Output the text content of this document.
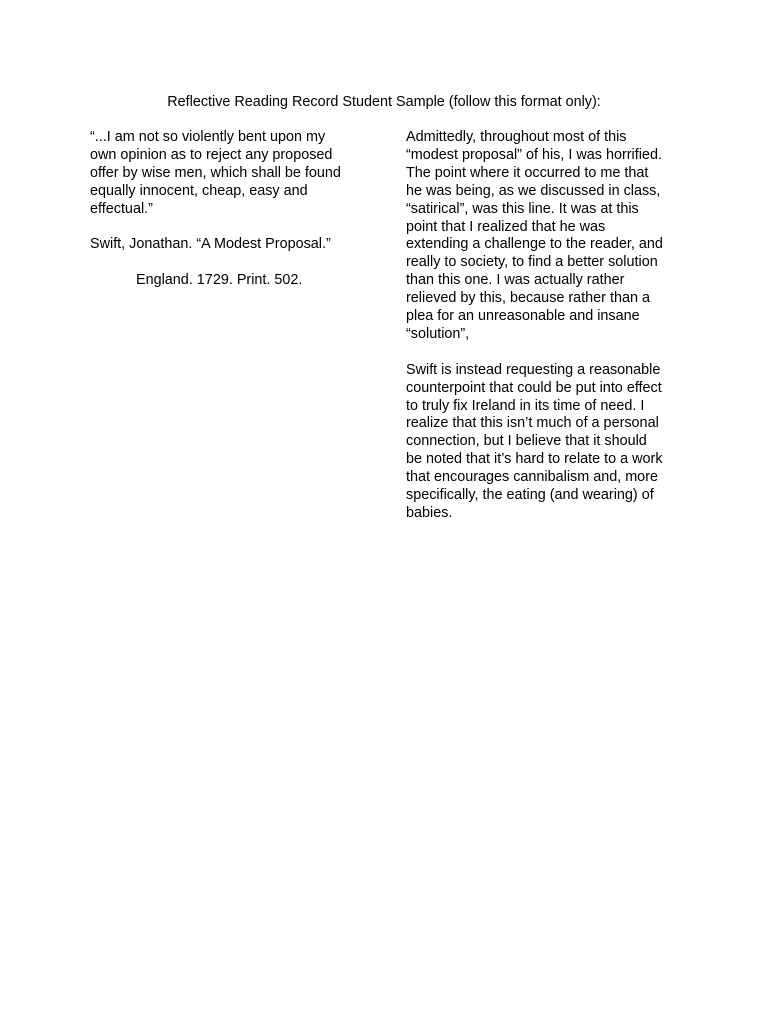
Reflective Reading Record Student Sample (follow this format only):

“...I am not so violently bent upon my
own opinion as to reject any proposed
offer by wise men, which shall be found
equally innocent, cheap, easy and
effectual.”

Swift, Jonathan. “A Modest Proposal.”

England. 1729. Print. 502.

Admittedly, throughout most of this
“modest proposal” of his, I was horrified.
The point where it occurred to me that
he was being, as we discussed in class,
“satirical”, was this line. It was at this
point that I realized that he was
extending a challenge to the reader, and
really to society, to find a better solution
than this one. I was actually rather
relieved by this, because rather than a
plea for an unreasonable and insane
“solution”,

Swift is instead requesting a reasonable
counterpoint that could be put into effect
to truly fix Ireland in its time of need. I
realize that this isn’t much of a personal
connection, but I believe that it should
be noted that it’s hard to relate to a work
that encourages cannibalism and, more
specifically, the eating (and wearing) of
babies.
